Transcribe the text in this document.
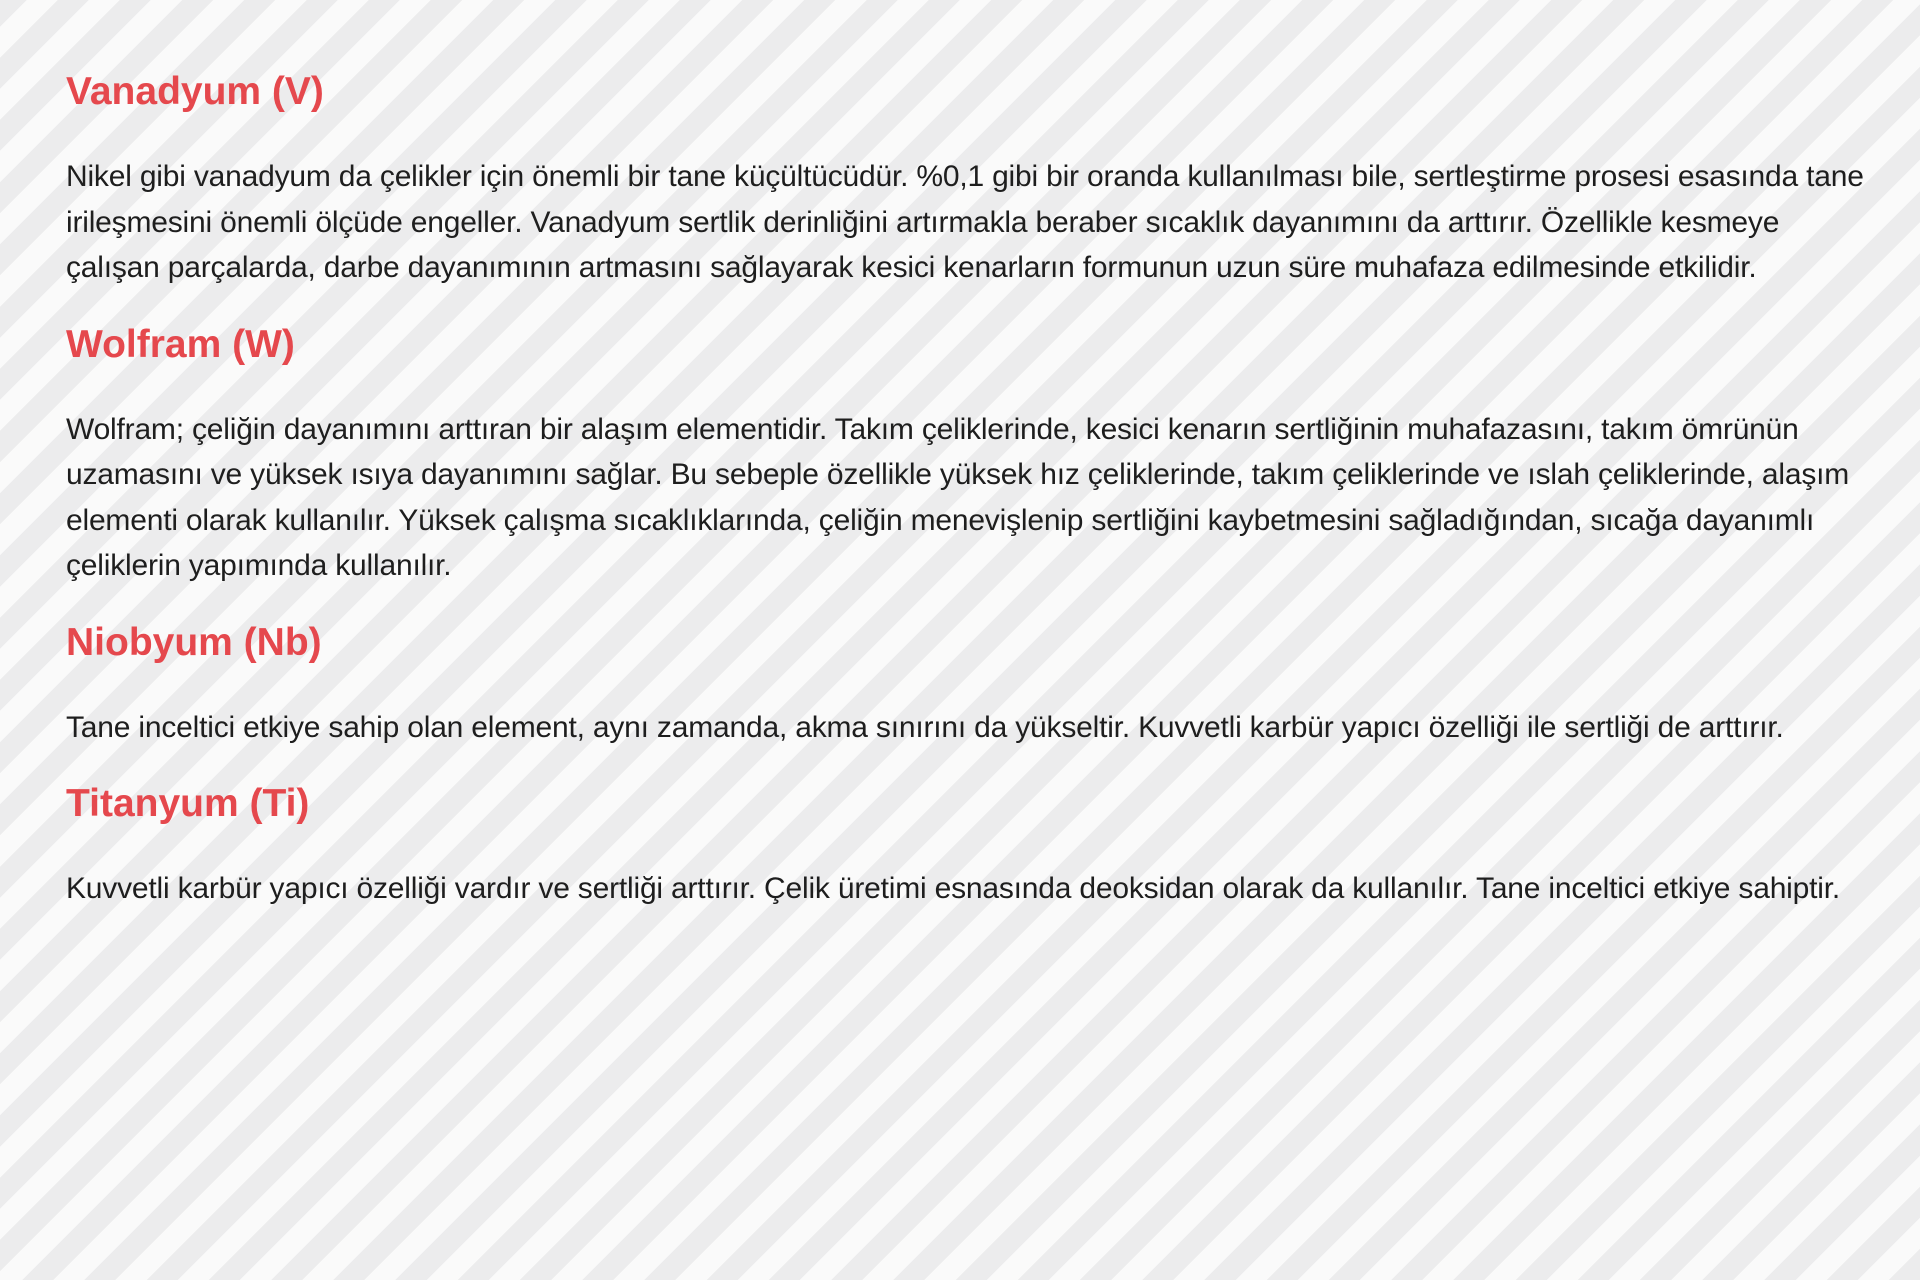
Vanadyum (V)

Nikel gibi vanadyum da çelikler için önemli bir tane küçültücüdür. %0,1 gibi bir oranda kullanılması bile, sertleştirme prosesi esasında tane irileşmesini önemli ölçüde engeller. Vanadyum sertlik derinliğini artırmakla beraber sıcaklık dayanımını da arttırır. Özellikle kesmeye çalışan parçalarda, darbe dayanımının artmasını sağlayarak kesici kenarların formunun uzun süre muhafaza edilmesinde etkilidir.

Wolfram (W)

Wolfram; çeliğin dayanımını arttıran bir alaşım elementidir. Takım çeliklerinde, kesici kenarın sertliğinin muhafazasını, takım ömrünün uzamasını ve yüksek ısıya dayanımını sağlar. Bu sebeple özellikle yüksek hız çeliklerinde, takım çeliklerinde ve ıslah çeliklerinde, alaşım elementi olarak kullanılır. Yüksek çalışma sıcaklıklarında, çeliğin menevişlenip sertliğini kaybetmesini sağladığından, sıcağa dayanımlı çeliklerin yapımında kullanılır.

Niobyum (Nb)

Tane inceltici etkiye sahip olan element, aynı zamanda, akma sınırını da yükseltir. Kuvvetli karbür yapıcı özelliği ile sertliği de arttırır.

Titanyum (Ti)

Kuvvetli karbür yapıcı özelliği vardır ve sertliği arttırır. Çelik üretimi esnasında deoksidan olarak da kullanılır. Tane inceltici etkiye sahiptir.
